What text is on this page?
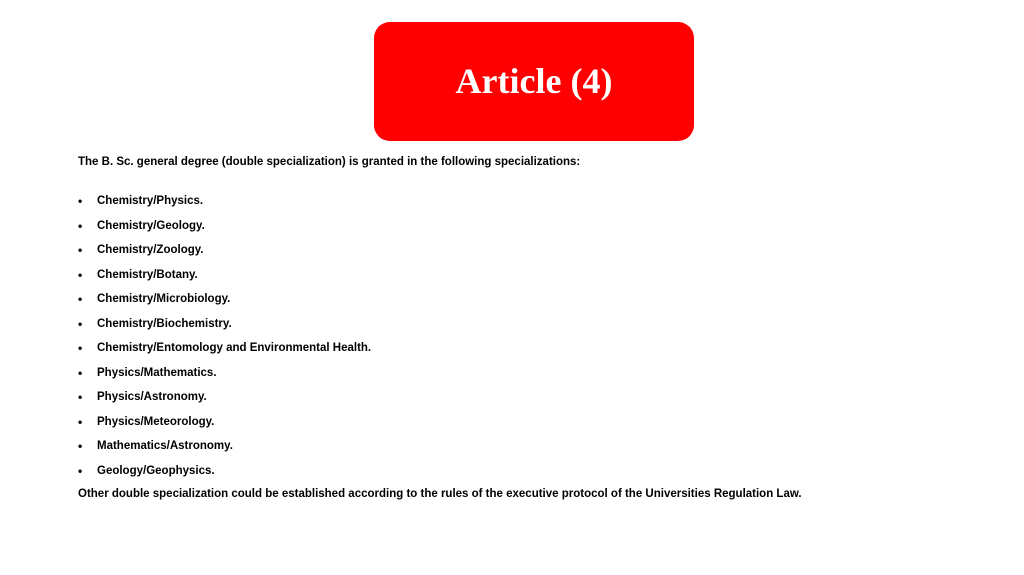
Article (4)
The B. Sc. general degree (double specialization) is granted in the following specializations:
•	Chemistry/Physics.
•	Chemistry/Geology.
•	Chemistry/Zoology.
•	Chemistry/Botany.
•	Chemistry/Microbiology.
•	Chemistry/Biochemistry.
•	Chemistry/Entomology and Environmental Health.
•	Physics/Mathematics.
•	Physics/Astronomy.
•	Physics/Meteorology.
•	Mathematics/Astronomy.
•	Geology/Geophysics.
Other double specialization could be established according to the rules of the executive protocol of the Universities Regulation Law.
